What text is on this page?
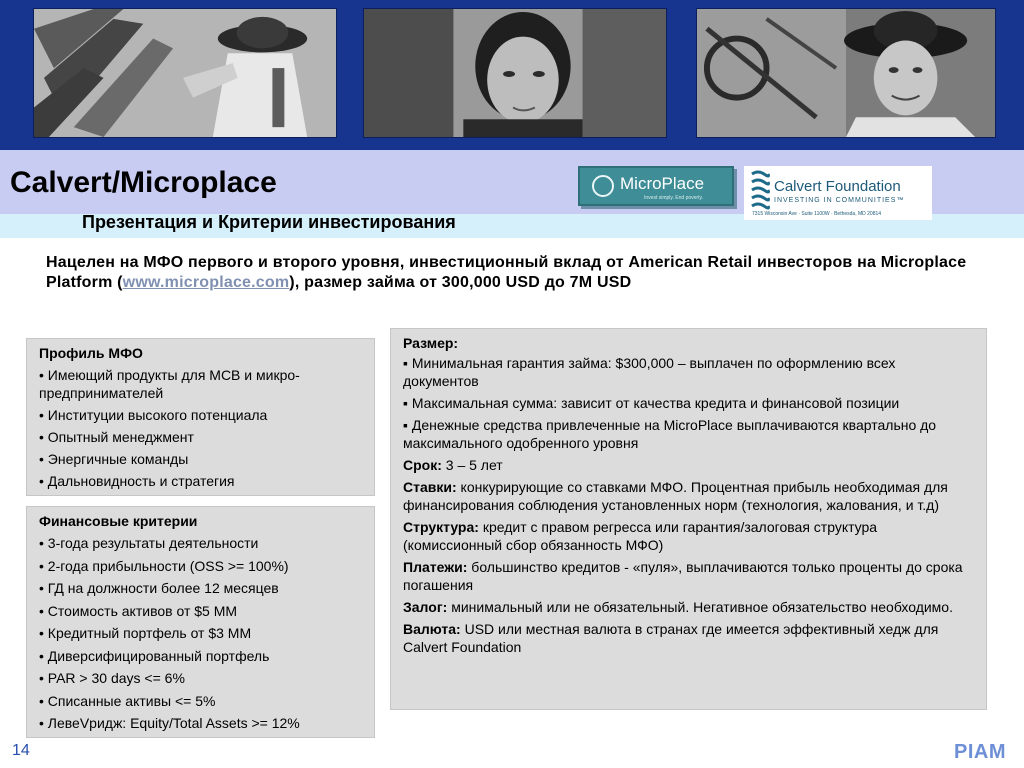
Calvert/Microplace
Презентация и Критерии инвестирования
MicroPlace
Invest simply. End poverty.
Calvert Foundation
INVESTING IN COMMUNITIES™
7315 Wisconsin Ave · Suite 1100W · Bethesda, MD 20814

Нацелен на МФО первого и второго уровня, инвестиционный вклад от American Retail инвесторов на Microplace Platform (www.microplace.com), размер займа от 300,000 USD до 7M USD

Профиль МФО
• Имеющий продукты для МСВ и микро-предпринимателей
• Институции высокого потенциала
• Опытный менеджмент
• Энергичные команды
• Дальновидность и стратегия
Финансовые критерии
• 3-года результаты деятельности
• 2-года прибыльности (OSS >= 100%)
• ГД на должности более 12 месяцев
• Стоимость активов от $5 MM
• Кредитный портфель от $3 MM
• Диверсифицированный портфель
• PAR > 30 days <= 6%
• Списанные активы <= 5%
• ЛевеVридж: Equity/Total Assets >= 12%
Размер:
▪ Минимальная гарантия займа: $300,000 – выплачен по оформлению всех документов
▪ Максимальная сумма: зависит от качества кредита и финансовой позиции
▪ Денежные средства привлеченные на MicroPlace выплачиваются квартально до максимального одобренного уровня
Срок: 3 – 5 лет
Ставки: конкурирующие со ставками МФО. Процентная прибыль необходимая для финансирования соблюдения установленных норм (технология, жалования, и т.д)
Структура: кредит с правом регресса или гарантия/залоговая структура (комиссионный сбор обязанность МФО)
Платежи: большинство кредитов - «пуля», выплачиваются только проценты до срока погашения
Залог: минимальный или не обязательный. Негативное обязательство необходимо.
Валюта: USD или местная валюта в странах где имеется эффективный хедж для Calvert Foundation
14	PIAM
